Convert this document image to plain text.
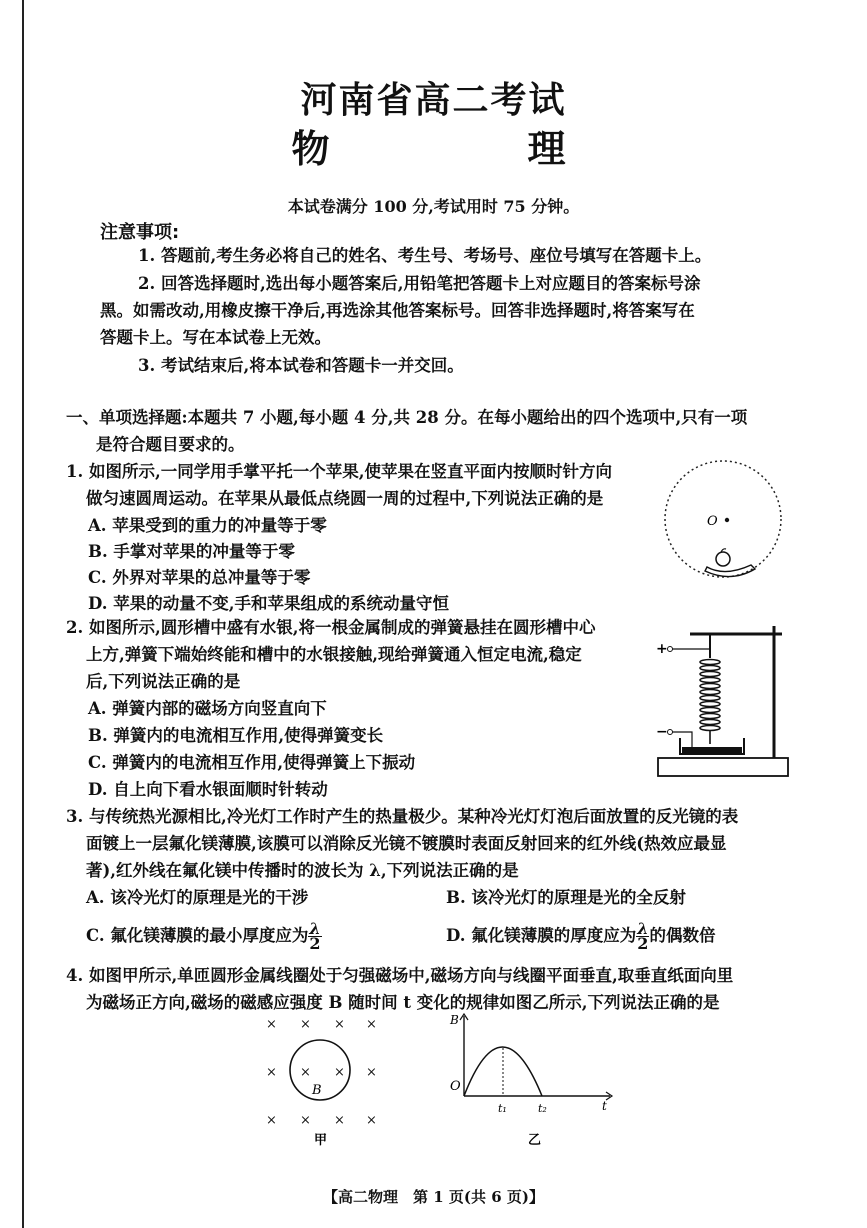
河南省高二考试
物　理
本试卷满分 100 分,考试用时 75 分钟。
注意事项:
1. 答题前,考生务必将自己的姓名、考生号、考场号、座位号填写在答题卡上。
2. 回答选择题时,选出每小题答案后,用铅笔把答题卡上对应题目的答案标号涂
黑。如需改动,用橡皮擦干净后,再选涂其他答案标号。回答非选择题时,将答案写在
答题卡上。写在本试卷上无效。
3. 考试结束后,将本试卷和答题卡一并交回。
一、单项选择题:本题共 7 小题,每小题 4 分,共 28 分。在每小题给出的四个选项中,只有一项
是符合题目要求的。
1. 如图所示,一同学用手掌平托一个苹果,使苹果在竖直平面内按顺时针方向
做匀速圆周运动。在苹果从最低点绕圆一周的过程中,下列说法正确的是
A. 苹果受到的重力的冲量等于零
B. 手掌对苹果的冲量等于零
C. 外界对苹果的总冲量等于零
D. 苹果的动量不变,手和苹果组成的系统动量守恒
O
2. 如图所示,圆形槽中盛有水银,将一根金属制成的弹簧悬挂在圆形槽中心
上方,弹簧下端始终能和槽中的水银接触,现给弹簧通入恒定电流,稳定
后,下列说法正确的是
A. 弹簧内部的磁场方向竖直向下
B. 弹簧内的电流相互作用,使得弹簧变长
C. 弹簧内的电流相互作用,使得弹簧上下振动
D. 自上向下看水银面顺时针转动
+
−
3. 与传统热光源相比,冷光灯工作时产生的热量极少。某种冷光灯灯泡后面放置的反光镜的表
面镀上一层氟化镁薄膜,该膜可以消除反光镜不镀膜时表面反射回来的红外线(热效应最显
著),红外线在氟化镁中传播时的波长为 λ,下列说法正确的是
A. 该冷光灯的原理是光的干涉	B. 该冷光灯的原理是光的全反射
C. 氟化镁薄膜的最小厚度应为 $\frac{\lambda}{2}$	D. 氟化镁薄膜的厚度应为 $\frac{\lambda}{2}$ 的偶数倍
4. 如图甲所示,单匝圆形金属线圈处于匀强磁场中,磁场方向与线圈平面垂直,取垂直纸面向里
为磁场正方向,磁场的磁感应强度 B 随时间 t 变化的规律如图乙所示,下列说法正确的是
× × × ×
×	×
× ×
× × × ×
B
甲
B
O
t
t₁	t₂
乙
【高二物理　第 1 页(共 6 页)】
